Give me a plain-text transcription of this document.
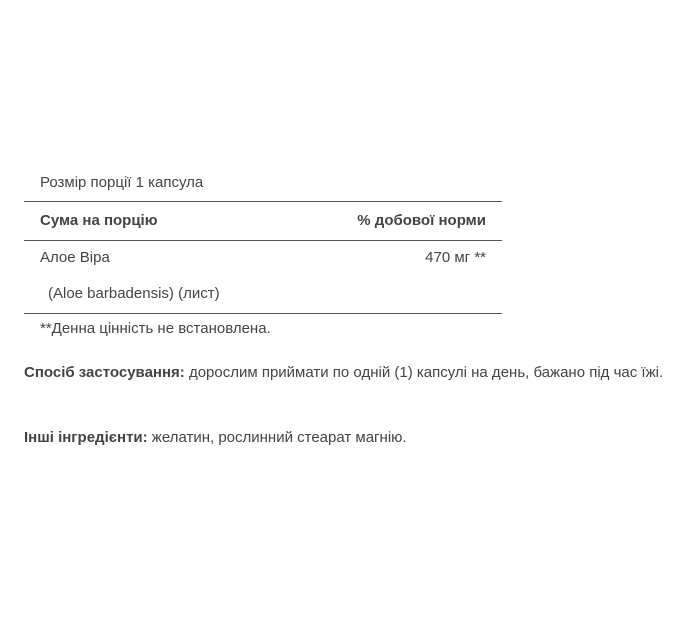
Розмір порції 1 капсула
Сума на порцію	% добової норми
Алое Віра	470 мг **
(Aloe barbadensis) (лист)
**Денна цінність не встановлена.
Спосіб застосування: дорослим приймати по одній (1) капсулі на день, бажано під час їжі.
Інші інгредієнти: желатин, рослинний стеарат магнію.
